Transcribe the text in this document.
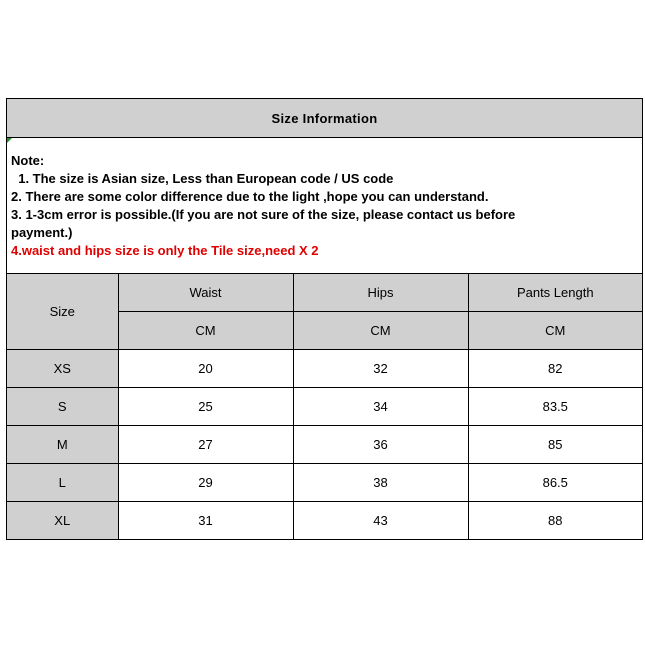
Size Information
Note:
1. The size is Asian size, Less than European code / US code
2. There are some color difference due to the light ,hope you can understand.
3. 1-3cm error is possible.(If you are not sure of the size, please contact us before
payment.)
4.waist and hips size is only the Tile size,need X 2
Size	Waist	Hips	Pants Length
	CM	CM	CM
XS	20	32	82
S	25	34	83.5
M	27	36	85
L	29	38	86.5
XL	31	43	88
